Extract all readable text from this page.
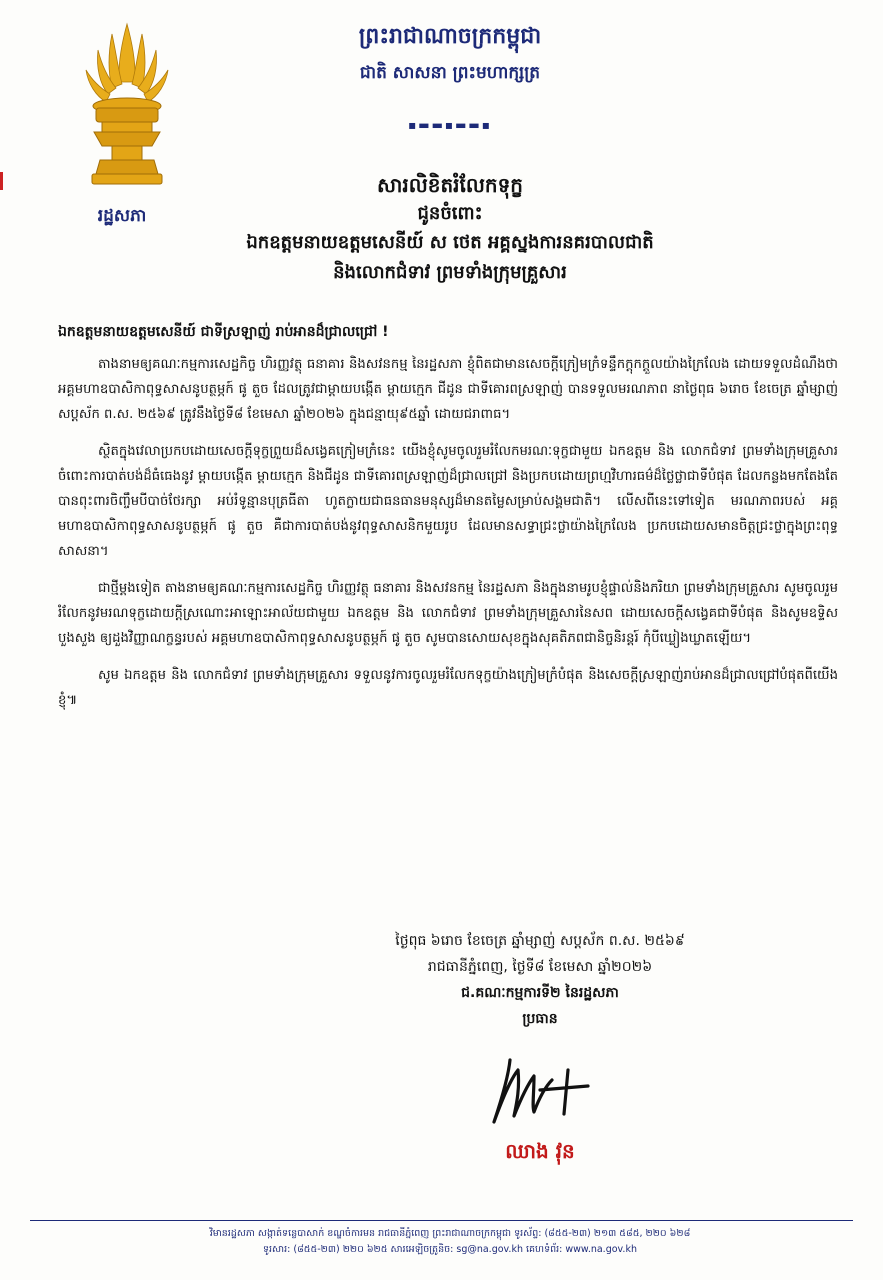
រដ្ឋសភា
ព្រះរាជាណាចក្រកម្ពុជា
ជាតិ សាសនា ព្រះមហាក្សត្រ
▪▬▬▪▬▬▪
សារលិខិតរំលែកទុក្ខ
ជូនចំពោះ
ឯកឧត្តមនាយឧត្តមសេនីយ៍ ស ថេត អគ្គស្នងការនគរបាលជាតិ
និងលោកជំទាវ ព្រមទាំងក្រុមគ្រួសារ
ឯកឧត្តមនាយឧត្តមសេនីយ៍ ជាទីស្រឡាញ់ រាប់អានដ៏ជ្រាលជ្រៅ !

តាងនាមឲ្យគណៈកម្មការសេដ្ឋកិច្ច ហិរញ្ញវត្ថុ ធនាគារ និងសវនកម្ម នៃរដ្ឋសភា ខ្ញុំពិតជាមានសេចក្ដីក្រៀមក្រំទន្ទឹកក្ដុកក្ដួលយ៉ាងក្រៃលែង ដោយទទួលដំណឹងថា អគ្គមហាឧបាសិកាពុទ្ធសាសនូបត្ថម្ភក៍ ផូ តួច ដែលត្រូវជាម្ដាយបង្កើត ម្ដាយក្មេក ជីដូន ជាទីគោរពស្រឡាញ់ បានទទួលមរណភាព នាថ្ងៃពុធ ៦រោច ខែចេត្រ ឆ្នាំម្សាញ់ សប្ដស័ក ព.ស. ២៥៦៩ ត្រូវនឹងថ្ងៃទី៨ ខែមេសា ឆ្នាំ២០២៦ ក្នុងជន្មាយុ៩៥ឆ្នាំ ដោយជរាពាធ។

ស្ថិតក្នុងវេលាប្រកបដោយសេចក្ដីទុក្ខព្រួយដ៏សង្វេគក្រៀមក្រំនេះ យើងខ្ញុំសូមចូលរួមរំលែកមរណៈទុក្ខជាមួយ ឯកឧត្តម និង លោកជំទាវ ព្រមទាំងក្រុមគ្រួសារ ចំពោះការបាត់បង់ដ៏ធំធេងនូវ ម្ដាយបង្កើត ម្ដាយក្មេក និងជីដូន ជាទីគោរពស្រឡាញ់ដ៏ជ្រាលជ្រៅ និងប្រកបដោយព្រហ្មវិហារធម៌ដ៏ថ្លៃថ្លាជាទីបំផុត ដែលកន្លងមកតែងតែបានពុះពារចិញ្ចឹមបីបាច់ថែរក្សា អប់រំទូន្មានបុត្រធីតា ហូតក្លាយជាធនធានមនុស្សដ៏មានតម្លៃសម្រាប់សង្គមជាតិ។ លើសពីនេះទៅទៀត មរណភាពរបស់ អគ្គមហាឧបាសិកាពុទ្ធសាសនូបត្ថម្ភក៍ ផូ តួច គឺជាការបាត់បង់នូវពុទ្ធសាសនិកមួយរូប ដែលមានសទ្ធាជ្រះថ្លាយ៉ាងក្រៃលែង ប្រកបដោយសមានចិត្តជ្រះថ្លាក្នុងព្រះពុទ្ធសាសនា។

ជាថ្មីម្ដងទៀត តាងនាមឲ្យគណៈកម្មការសេដ្ឋកិច្ច ហិរញ្ញវត្ថុ ធនាគារ និងសវនកម្ម នៃរដ្ឋសភា និងក្នុងនាមរូបខ្ញុំផ្ទាល់និងភរិយា ព្រមទាំងក្រុមគ្រួសារ សូមចូលរួមរំលែកនូវមរណទុក្ខដោយក្ដីស្រណោះអាឡោះអាល័យជាមួយ ឯកឧត្តម និង លោកជំទាវ ព្រមទាំងក្រុមគ្រួសារនៃសព ដោយសេចក្ដីសង្វេគជាទីបំផុត និងសូមឧទ្ទិសបួងសួង ឲ្យដួងវិញ្ញាណក្ខន្ធរបស់ អគ្គមហាឧបាសិកាពុទ្ធសាសនូបត្ថម្ភក៍ ផូ តួច សូមបានសោយសុខក្នុងសុគតិភពជានិច្ចនិរន្តរ៍ កុំបីឃ្លៀងឃ្លាតឡើយ។

សូម ឯកឧត្តម និង លោកជំទាវ ព្រមទាំងក្រុមគ្រួសារ ទទួលនូវការចូលរួមរំលែកទុក្ខយ៉ាងក្រៀមក្រំបំផុត និងសេចក្ដីស្រឡាញ់រាប់អានដ៏ជ្រាលជ្រៅបំផុតពីយើងខ្ញុំ៕

ថ្ងៃពុធ ៦រោច ខែចេត្រ ឆ្នាំម្សាញ់ សប្ដស័ក ព.ស. ២៥៦៩
រាជធានីភ្នំពេញ, ថ្ងៃទី៨ ខែមេសា ឆ្នាំ២០២៦
ជ.គណៈកម្មការទី២ នៃរដ្ឋសភា
ប្រធាន
ឈាង វុន
វិមានរដ្ឋសភា សង្កាត់ទន្លេបាសាក់ ខណ្ឌចំការមន រាជធានីភ្នំពេញ ព្រះរាជាណាចក្រកម្ពុជា ទូរស័ព្ទ: (៨៥៥-២៣) ២១៣ ៥៨៥, ២២០ ៦២៨
ទូរសារ: (៨៥៥-២៣) ២២០ ៦២៥ សារអេឡិចត្រូនិច: sg@na.gov.kh គេហទំព័រ: www.na.gov.kh
